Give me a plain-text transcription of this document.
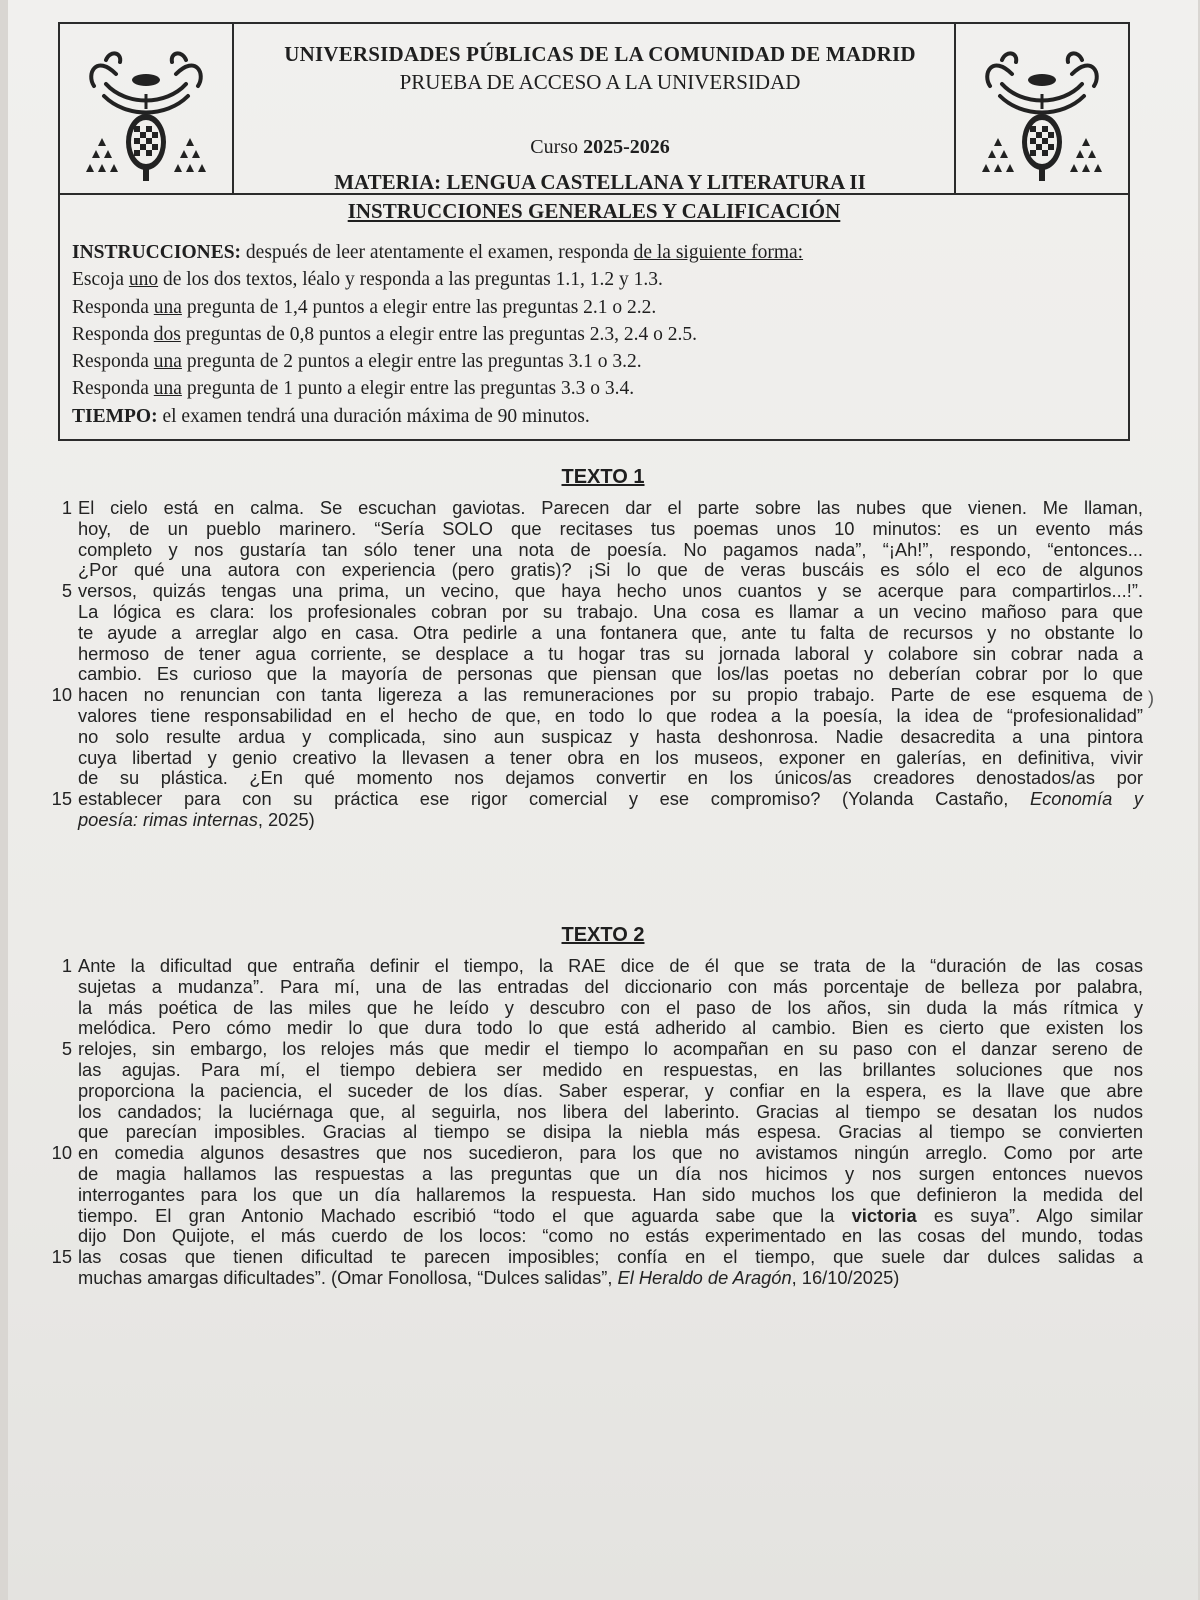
UNIVERSIDADES PÚBLICAS DE LA COMUNIDAD DE MADRID
PRUEBA DE ACCESO A LA UNIVERSIDAD
Curso 2025-2026
MATERIA: LENGUA CASTELLANA Y LITERATURA II
INSTRUCCIONES GENERALES Y CALIFICACIÓN
INSTRUCCIONES: después de leer atentamente el examen, responda de la siguiente forma:
Escoja uno de los dos textos, léalo y responda a las preguntas 1.1, 1.2 y 1.3.
Responda una pregunta de 1,4 puntos a elegir entre las preguntas 2.1 o 2.2.
Responda dos preguntas de 0,8 puntos a elegir entre las preguntas 2.3, 2.4 o 2.5.
Responda una pregunta de 2 puntos a elegir entre las preguntas 3.1 o 3.2.
Responda una pregunta de 1 punto a elegir entre las preguntas 3.3 o 3.4.
TIEMPO: el examen tendrá una duración máxima de 90 minutos.
TEXTO 1
1 El cielo está en calma. Se escuchan gaviotas. Parecen dar el parte sobre las nubes que vienen. Me llaman,
hoy, de un pueblo marinero. “Sería SOLO que recitases tus poemas unos 10 minutos: es un evento más
completo y nos gustaría tan sólo tener una nota de poesía. No pagamos nada”, “¡Ah!”, respondo, “entonces...
¿Por qué una autora con experiencia (pero gratis)? ¡Si lo que de veras buscáis es sólo el eco de algunos
5 versos, quizás tengas una prima, un vecino, que haya hecho unos cuantos y se acerque para compartirlos...!”.
La lógica es clara: los profesionales cobran por su trabajo. Una cosa es llamar a un vecino mañoso para que
te ayude a arreglar algo en casa. Otra pedirle a una fontanera que, ante tu falta de recursos y no obstante lo
hermoso de tener agua corriente, se desplace a tu hogar tras su jornada laboral y colabore sin cobrar nada a
cambio. Es curioso que la mayoría de personas que piensan que los/las poetas no deberían cobrar por lo que
10 hacen no renuncian con tanta ligereza a las remuneraciones por su propio trabajo. Parte de ese esquema de
valores tiene responsabilidad en el hecho de que, en todo lo que rodea a la poesía, la idea de “profesionalidad”
no solo resulte ardua y complicada, sino aun suspicaz y hasta deshonrosa. Nadie desacredita a una pintora
cuya libertad y genio creativo la llevasen a tener obra en los museos, exponer en galerías, en definitiva, vivir
de su plástica. ¿En qué momento nos dejamos convertir en los únicos/as creadores denostados/as por
15 establecer para con su práctica ese rigor comercial y ese compromiso? (Yolanda Castaño, Economía y
poesía: rimas internas, 2025)
)
TEXTO 2
1 Ante la dificultad que entraña definir el tiempo, la RAE dice de él que se trata de la “duración de las cosas
sujetas a mudanza”. Para mí, una de las entradas del diccionario con más porcentaje de belleza por palabra,
la más poética de las miles que he leído y descubro con el paso de los años, sin duda la más rítmica y
melódica. Pero cómo medir lo que dura todo lo que está adherido al cambio. Bien es cierto que existen los
5 relojes, sin embargo, los relojes más que medir el tiempo lo acompañan en su paso con el danzar sereno de
las agujas. Para mí, el tiempo debiera ser medido en respuestas, en las brillantes soluciones que nos
proporciona la paciencia, el suceder de los días. Saber esperar, y confiar en la espera, es la llave que abre
los candados; la luciérnaga que, al seguirla, nos libera del laberinto. Gracias al tiempo se desatan los nudos
que parecían imposibles. Gracias al tiempo se disipa la niebla más espesa. Gracias al tiempo se convierten
10 en comedia algunos desastres que nos sucedieron, para los que no avistamos ningún arreglo. Como por arte
de magia hallamos las respuestas a las preguntas que un día nos hicimos y nos surgen entonces nuevos
interrogantes para los que un día hallaremos la respuesta. Han sido muchos los que definieron la medida del
tiempo. El gran Antonio Machado escribió “todo el que aguarda sabe que la victoria es suya”. Algo similar
dijo Don Quijote, el más cuerdo de los locos: “como no estás experimentado en las cosas del mundo, todas
15 las cosas que tienen dificultad te parecen imposibles; confía en el tiempo, que suele dar dulces salidas a
muchas amargas dificultades”. (Omar Fonollosa, “Dulces salidas”, El Heraldo de Aragón, 16/10/2025)
